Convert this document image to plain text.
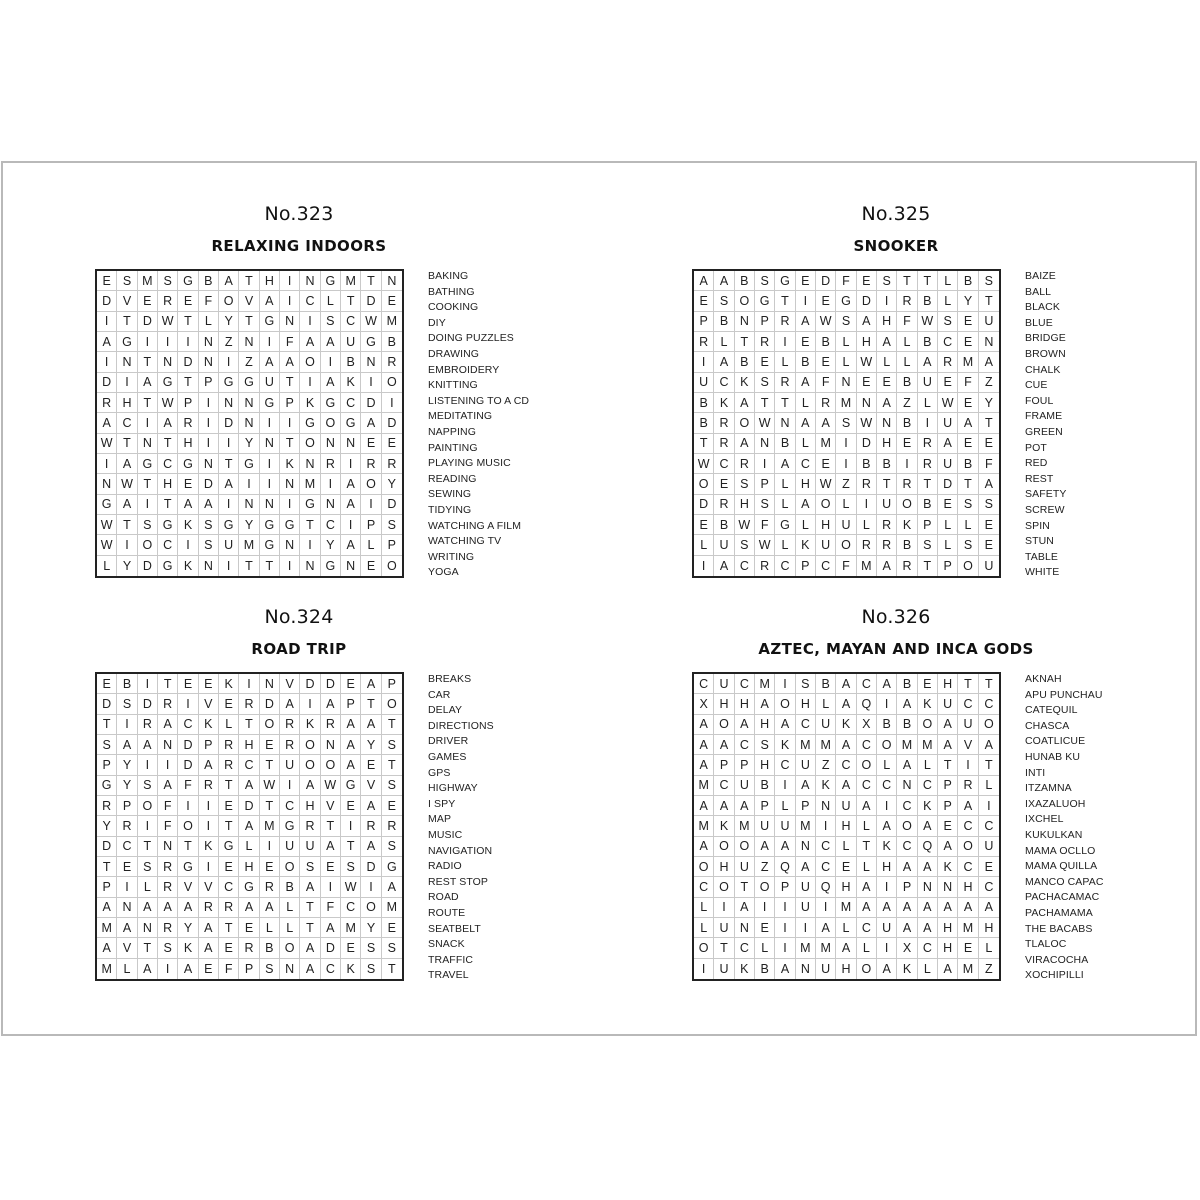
No.323
RELAXING INDOORS
E S M S G B A T H	I	N G M T	N
D V E R E F O V A	I	C L	T D E
I	T D W T	L	Y T G N	I	S C W M
A G	I	I	I	N Z N	I	F A A U G B
I	N T N D N	I	Z A A O	I	B N R
D	I	A G T P G G U T	I	A K	I	O
R H T W P	I	N N G P K G C D	I
A C	I	A R	I	D N	I	I	G O G A D
W T N T H	I	I	Y N T O N N E	E
I	A G C G N T G	I	K N R	I	R R
N W T H E D A	I	I	N M	I	A O Y
G A	I	T A A	I	N N	I	G N A	I	D
W T S G K S G Y G G T C	I	P	S
W	I	O C	I	S U M G N	I	Y A	L	P
L	Y D G K N	I	T	T	I	N G N E O
BAKING
BATHING
COOKING
DIY
DOING PUZZLES
DRAWING
EMBROIDERY
KNITTING
LISTENING TO A CD
MEDITATING
NAPPING
PAINTING
PLAYING MUSIC
READING
SEWING
TIDYING
WATCHING A FILM
WATCHING TV
WRITING
YOGA
No.325
SNOOKER
A A B S G E D F E S T	T	L	B	S
E S O G T	I	E G D	I	R B	L	Y	T
P B N P R A W S A H F W S E U
R L	T R	I	E B	L H A	L	B C E N
I	A B E	L	B E	L W L	L	A R M A
U C K S R A F N E E B U E F	Z
B K A T	T	L R M N A Z	L W E	Y
B R O W N A A S W N B	I	U A	T
T R A N B	L M	I	D H E R A E	E
W C R	I	A C E	I	B B	I	R U B	F
O E S P	L H W Z R T R T D T	A
D R H S	L	A O L	I	U O B E S	S
E B W F G L H U L R K P	L	L	E
L U S W L	K U O R R B S	L	S	E
I	A C R C P C F M A R T P O U
BAIZE
BALL
BLACK
BLUE
BRIDGE
BROWN
CHALK
CUE
FOUL
FRAME
GREEN
POT
RED
REST
SAFETY
SCREW
SPIN
STUN
TABLE
WHITE
No.324
ROAD TRIP
E B	I	T E E K	I	N V D D E A	P
D S D R	I	V E R D A	I	A P T O
T	I	R A C K	L	T O R K R A A	T
S A A N D P R H E R O N A Y	S
P Y	I	I	D A R C T U O O A E	T
G Y S A F R T A W	I	A W G V	S
R P O F	I	I	E D T C H V E A	E
Y R	I	F O	I	T A M G R T	I	R R
D C T N T K G L	I	U U A T A	S
T E S R G	I	E H E O S E S D G
P	I	L R V V C G R B A	I	W	I	A
A N A A A R R A A	L	T	F C O M
M A N R Y A T E	L	L	T A M Y	E
A V T S K A E R B O A D E S	S
M L	A	I	A E F P S N A C K S	T
BREAKS
CAR
DELAY
DIRECTIONS
DRIVER
GAMES
GPS
HIGHWAY
I SPY
MAP
MUSIC
NAVIGATION
RADIO
REST STOP
ROAD
ROUTE
SEATBELT
SNACK
TRAFFIC
TRAVEL
No.326
AZTEC, MAYAN AND INCA GODS
C U C M	I	S B A C A B E H T	T
X H H A O H L	A Q	I	A K U C C
A O A H A C U K X B B O A U O
A A C S K M M A C O M M A V	A
A P P H C U Z C O L	A	L	T	I	T
M C U B	I	A K A C C N C P R	L
A A A P	L	P N U A	I	C K P A	I
M K M U U M	I	H L	A O A E C C
A O O A A N C L	T K C Q A O U
O H U Z Q A C E	L H A A K C E
C O T O P U Q H A	I	P N N H C
L	I	A	I	I	U	I	M A A A A A A	A
L U N E	I	I	A	L C U A A H M H
O T C L	I	M M A	L	I	X C H E	L
I	U K B A N U H O A K	L	A M Z
AKNAH
APU PUNCHAU
CATEQUIL
CHASCA
COATLICUE
HUNAB KU
INTI
ITZAMNA
IXAZALUOH
IXCHEL
KUKULKAN
MAMA OCLLO
MAMA QUILLA
MANCO CAPAC
PACHACAMAC
PACHAMAMA
THE BACABS
TLALOC
VIRACOCHA
XOCHIPILLI
